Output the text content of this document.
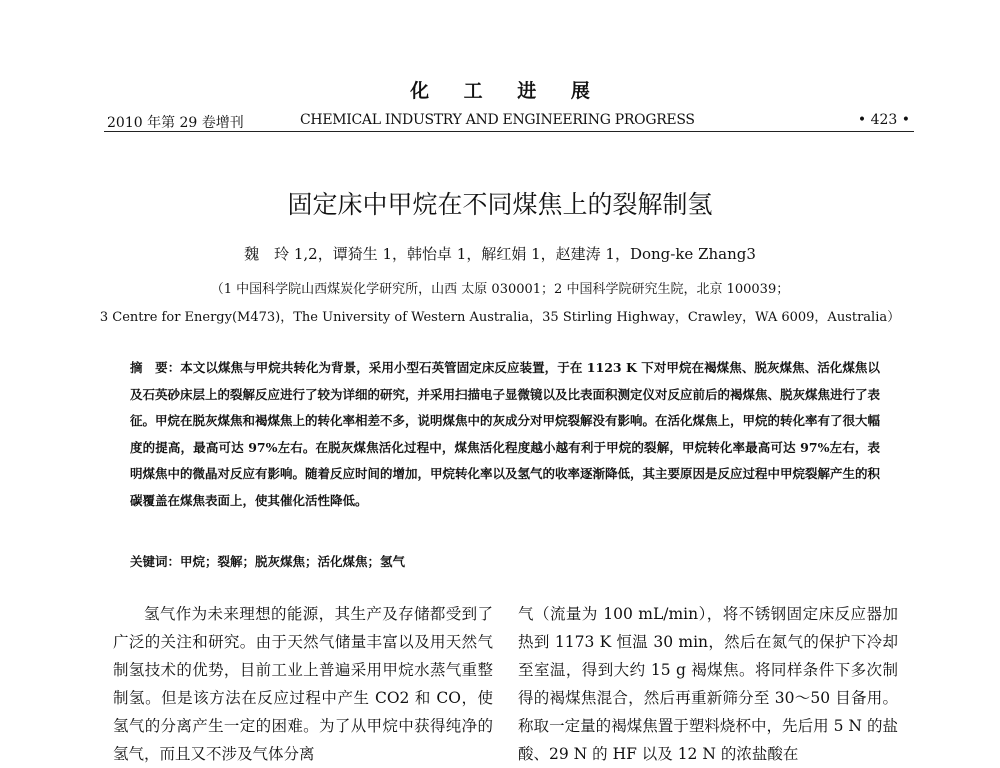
化 工 进 展
2010 年第 29 卷增刊	CHEMICAL INDUSTRY AND ENGINEERING PROGRESS	• 423 •
固定床中甲烷在不同煤焦上的裂解制氢
魏　玲 1,2，谭猗生 1，韩怡卓 1，解红娟 1，赵建涛 1，Dong-ke Zhang3
（1 中国科学院山西煤炭化学研究所，山西 太原 030001；2 中国科学院研究生院，北京 100039；
3 Centre for Energy(M473)，The University of Western Australia，35 Stirling Highway，Crawley，WA 6009，Australia）
摘　要：本文以煤焦与甲烷共转化为背景，采用小型石英管固定床反应装置，于在 1123 K 下对甲烷在褐煤焦、脱灰煤焦、活化煤焦以及石英砂床层上的裂解反应进行了较为详细的研究，并采用扫描电子显微镜以及比表面积测定仪对反应前后的褐煤焦、脱灰煤焦进行了表征。甲烷在脱灰煤焦和褐煤焦上的转化率相差不多，说明煤焦中的灰成分对甲烷裂解没有影响。在活化煤焦上，甲烷的转化率有了很大幅度的提高，最高可达 97%左右。在脱灰煤焦活化过程中，煤焦活化程度越小越有利于甲烷的裂解，甲烷转化率最高可达 97%左右，表明煤焦中的微晶对反应有影响。随着反应时间的增加，甲烷转化率以及氢气的收率逐渐降低，其主要原因是反应过程中甲烷裂解产生的积碳覆盖在煤焦表面上，使其催化活性降低。
关键词：甲烷；裂解；脱灰煤焦；活化煤焦；氢气
氢气作为未来理想的能源，其生产及存储都受到了广泛的关注和研究。由于天然气储量丰富以及用天然气制氢技术的优势，目前工业上普遍采用甲烷水蒸气重整制氢。但是该方法在反应过程中产生 CO2 和 CO，使氢气的分离产生一定的困难。为了从甲烷中获得纯净的氢气，而且又不涉及气体分离
气（流量为 100 mL/min），将不锈钢固定床反应器加热到 1173 K 恒温 30 min，然后在氮气的保护下冷却至室温，得到大约 15 g 褐煤焦。将同样条件下多次制得的褐煤焦混合，然后再重新筛分至 30～50 目备用。称取一定量的褐煤焦置于塑料烧杯中，先后用 5 N 的盐酸、29 N 的 HF 以及 12 N 的浓盐酸在
